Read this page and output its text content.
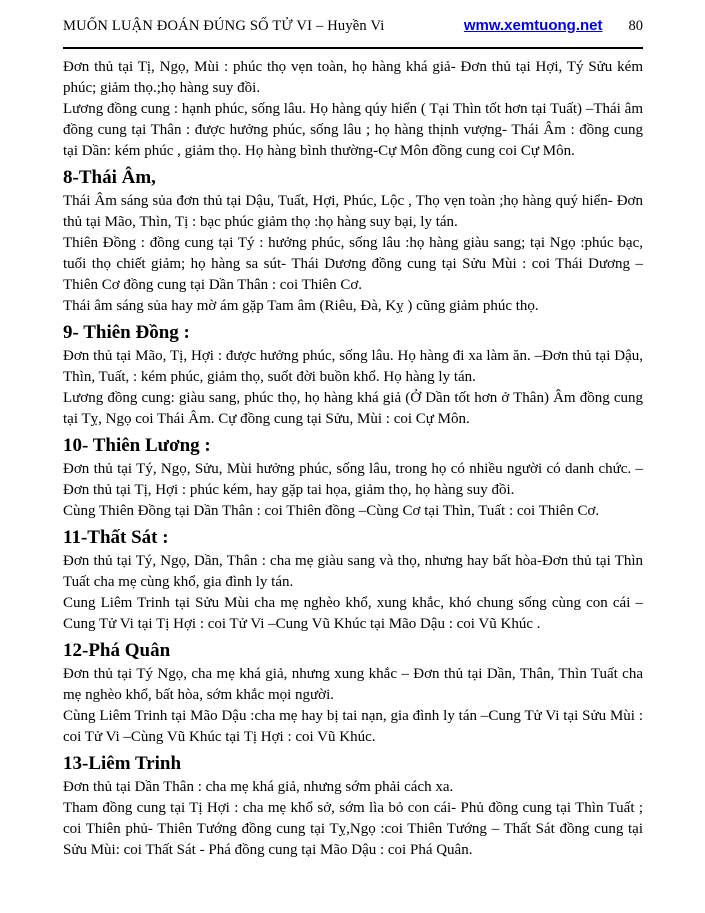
MUỐN LUẬN ĐOÁN ĐÚNG SỐ TỬ VI – Huyền Vi	wmw.xemtuong.net 80

Đơn thủ tại Tị, Ngọ, Mùi : phúc thọ vẹn toàn, họ hàng khá giả- Đơn thủ tại Hợi, Tý Sửu kém phúc; giảm thọ.;họ hàng suy đồi.

Lương đồng cung : hạnh phúc, sống lâu. Họ hàng qúy hiển ( Tại Thìn tốt hơn tại Tuất) –Thái âm đồng cung tại Thân : được hưởng phúc, sống lâu ; họ hàng thịnh vượng- Thái Âm : đồng cung tại Dần: kém phúc , giảm thọ. Họ hàng bình thường-Cự Môn đồng cung coi Cự Môn.

8-Thái Âm,

Thái Âm sáng sủa đơn thủ tại Dậu, Tuất, Hợi, Phúc, Lộc , Thọ vẹn toàn ;họ hàng quý hiển- Đơn thủ tại Mão, Thìn, Tị : bạc phúc giảm thọ :họ hàng suy bại, ly tán.

Thiên Đồng : đồng cung tại Tý : hưởng phúc, sống lâu :họ hàng giàu sang; tại Ngọ :phúc bạc, tuổi thọ chiết giảm; họ hàng sa sút- Thái Dương đồng cung tại Sửu Mùi : coi Thái Dương – Thiên Cơ đồng cung tại Dần Thân : coi Thiên Cơ.

Thái âm sáng sủa hay mờ ám gặp Tam âm (Riêu, Đà, Kỵ ) cũng giảm phúc thọ.

9- Thiên Đồng :

Đơn thủ tại Mão, Tị, Hợi : được hưởng phúc, sống lâu. Họ hàng đi xa làm ăn. –Đơn thủ tại Dậu, Thìn, Tuất, : kém phúc, giảm thọ, suốt đời buồn khổ. Họ hàng ly tán.

Lương đồng cung: giàu sang, phúc thọ, họ hàng khá giả (Ở Dần tốt hơn ở Thân) Âm đồng cung tại Tỵ, Ngọ coi Thái Âm. Cự đồng cung tại Sửu, Mùi : coi Cự Môn.

10- Thiên Lương :

Đơn thủ tại Tý, Ngọ, Sửu, Mùi hưởng phúc, sống lâu, trong họ có nhiều người có danh chức. – Đơn thủ tại Tị, Hợi : phúc kém, hay gặp tai họa, giảm thọ, họ hàng suy đồi.

Cùng Thiên Đồng tại Dần Thân : coi Thiên đồng –Cùng Cơ tại Thìn, Tuất : coi Thiên Cơ.

11-Thất Sát :

Đơn thủ tại Tý, Ngọ, Dần, Thân : cha mẹ giàu sang và thọ, nhưng hay bất hòa-Đơn thủ tại Thìn Tuất cha mẹ cùng khổ, gia đình ly tán.

Cung Liêm Trinh tại Sửu Mùi cha mẹ nghèo khổ, xung khắc, khó chung sống cùng con cái – Cung Tử Vi tại Tị Hợi : coi Tử Vi –Cung Vũ Khúc tại Mão Dậu : coi Vũ Khúc .

12-Phá Quân

Đơn thủ tại Tý Ngọ, cha mẹ khá giả, nhưng xung khắc – Đơn thủ tại Dần, Thân, Thìn Tuất cha mẹ nghèo khổ, bất hòa, sớm khắc mọi người.

Cùng Liêm Trinh tại Mão Dậu :cha mẹ hay bị tai nạn, gia đình ly tán –Cung Tử Vi tại Sửu Mùi : coi Tử Vi –Cùng Vũ Khúc tại Tị Hợi : coi Vũ Khúc.

13-Liêm Trinh

Đơn thủ tại Dần Thân : cha mẹ khá giả, nhưng sớm phải cách xa.

Tham đồng cung tại Tị Hợi : cha mẹ khổ sở, sớm lìa bỏ con cái- Phủ đồng cung tại Thìn Tuất ; coi Thiên phủ- Thiên Tướng đồng cung tại Tỵ,Ngọ :coi Thiên Tướng – Thất Sát đồng cung tại Sửu Mùi: coi Thất Sát - Phá đồng cung tại Mão Dậu : coi Phá Quân.
